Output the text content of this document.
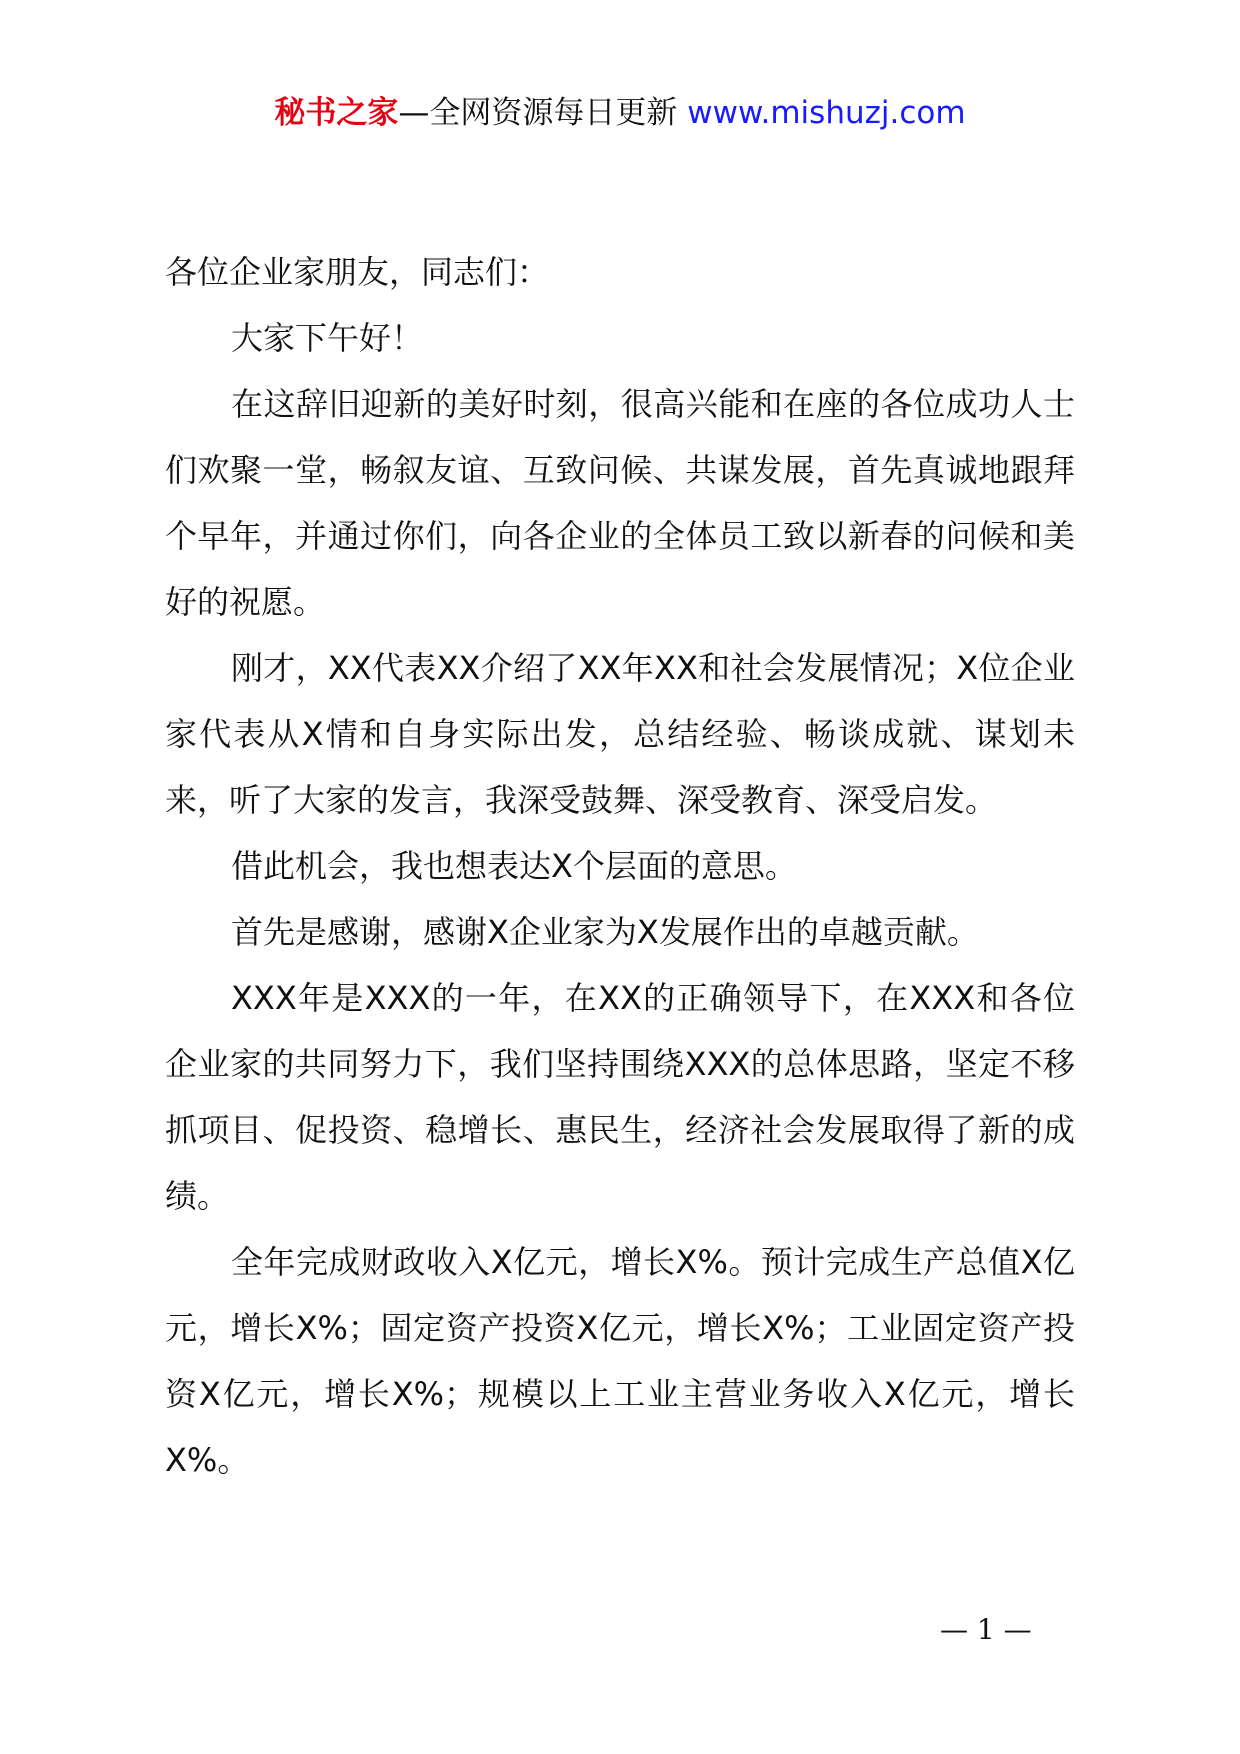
秘书之家—全网资源每日更新 www.mishuzj.com

各位企业家朋友，同志们：

大家下午好！

在这辞旧迎新的美好时刻，很高兴能和在座的各位成功人士们欢聚一堂，畅叙友谊、互致问候、共谋发展，首先真诚地跟拜个早年，并通过你们，向各企业的全体员工致以新春的问候和美好的祝愿。

刚才，XX代表XX介绍了XX年XX和社会发展情况；X位企业家代表从X情和自身实际出发，总结经验、畅谈成就、谋划未来，听了大家的发言，我深受鼓舞、深受教育、深受启发。

借此机会，我也想表达X个层面的意思。

首先是感谢，感谢X企业家为X发展作出的卓越贡献。

XXX年是XXX的一年，在XX的正确领导下，在XXX和各位企业家的共同努力下，我们坚持围绕XXX的总体思路，坚定不移抓项目、促投资、稳增长、惠民生，经济社会发展取得了新的成绩。

全年完成财政收入X亿元，增长X%。预计完成生产总值X亿元，增长X%；固定资产投资X亿元，增长X%；工业固定资产投资X亿元，增长X%；规模以上工业主营业务收入X亿元，增长X%。

— 1 —
